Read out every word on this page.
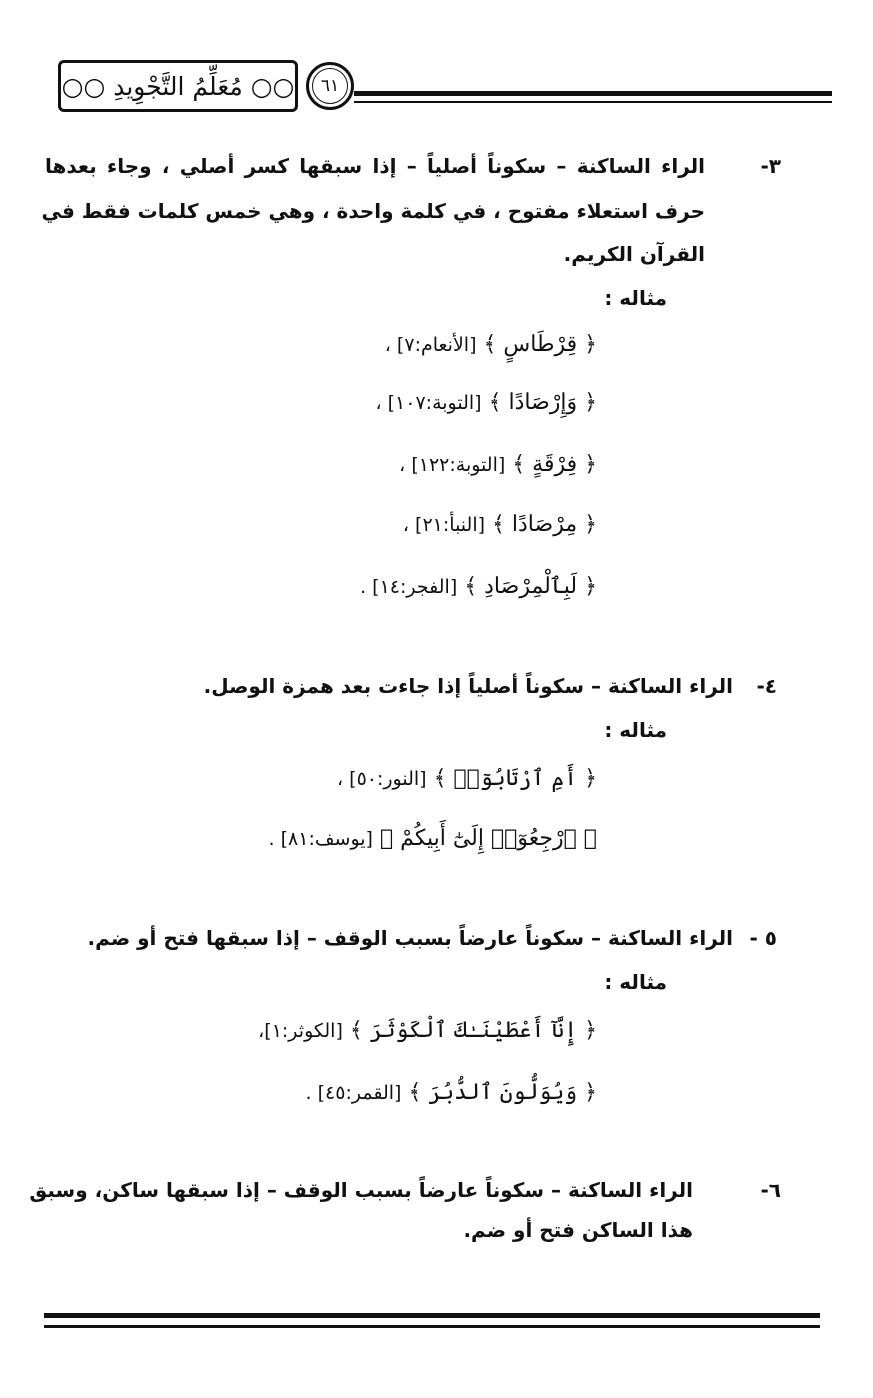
○○ مُعَلِّمُ التَّجْوِيدِ ○○ ٦١
٣-
الراء الساكنة – سكوناً أصلياً – إذا سبقها كسر أصلي ، وجاء بعدها
حرف استعلاء مفتوح ، في كلمة واحدة ، وهي خمس كلمات فقط في
القرآن الكريم.
مثاله :
﴿ قِرْطَاسٍ ﴾ [الأنعام:٧] ،
﴿ وَإِرْصَادًا ﴾ [التوبة:١٠٧] ،
﴿ فِرْقَةٍ ﴾ [التوبة:١٢٢] ،
﴿ مِرْصَادًا ﴾ [النبأ:٢١] ،
﴿ لَبِٱلْمِرْصَادِ ﴾ [الفجر:١٤] .
٤-
الراء الساكنة – سكوناً أصلياً إذا جاءت بعد همزة الوصل.
مثاله :
﴿ أَمِ ٱرْتَابُوٓا۟ ﴾ [النور:٥٠] ،
﴿ ٱرْجِعُوٓا۟ إِلَىٰٓ أَبِيكُمْ ﴾ [يوسف:٨١] .
٥ -
الراء الساكنة – سكوناً عارضاً بسبب الوقف – إذا سبقها فتح أو ضم.
مثاله :
﴿ إِنَّآ أَعْطَيْنَـٰكَ ٱلْكَوْثَرَ ﴾ [الكوثر:١]،
﴿ وَيُوَلُّونَ ٱلدُّبُرَ ﴾ [القمر:٤٥] .
٦-
الراء الساكنة – سكوناً عارضاً بسبب الوقف – إذا سبقها ساكن، وسبق
هذا الساكن فتح أو ضم.
